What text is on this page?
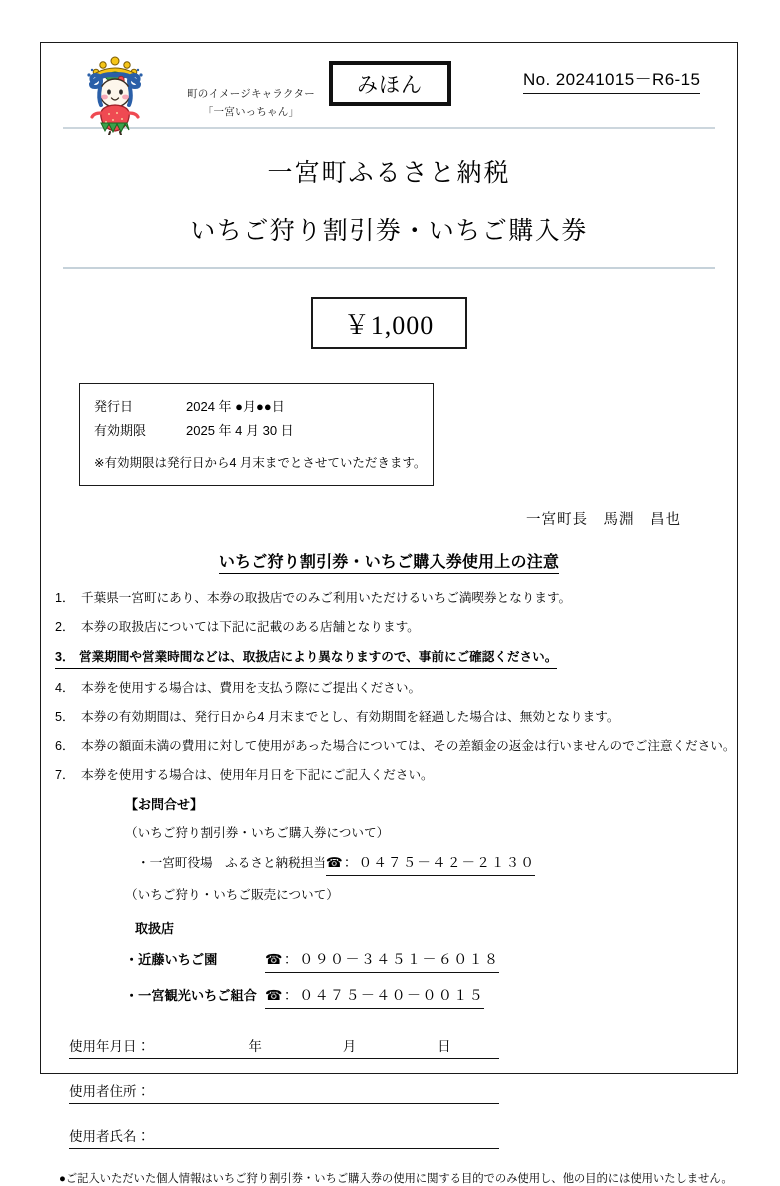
町のイメージキャラクター
「一宮いっちゃん」
みほん	No. 20241015－R6‐15
一宮町ふるさと納税
いちご狩り割引券・いちご購入券
￥1,000
発行日	2024 年 ●月●●日
有効期限	2025 年 4 月 30 日
※有効期限は発行日から4 月末までとさせていただきます。
一宮町長　馬淵　昌也
いちご狩り割引券・いちご購入券使用上の注意
1． 千葉県一宮町にあり、本券の取扱店でのみご利用いただけるいちご満喫券となります。
2． 本券の取扱店については下記に記載のある店舗となります。
3． 営業期間や営業時間などは、取扱店により異なりますので、事前にご確認ください。
4． 本券を使用する場合は、費用を支払う際にご提出ください。
5． 本券の有効期間は、発行日から4 月末までとし、有効期間を経過した場合は、無効となります。
6． 本券の額面未満の費用に対して使用があった場合については、その差額金の返金は行いませんのでご注意ください。
7． 本券を使用する場合は、使用年月日を下記にご記入ください。
【お問合せ】
（いちご狩り割引券・いちご購入券について）
・一宮町役場　ふるさと納税担当 ☎：０４７５－４２－２１３０
（いちご狩り・いちご販売について）
取扱店
・近藤いちご園	☎：０９０－３４５１－６０１８
・一宮観光いちご組合 ☎：０４７５－４０－００１５
使用年月日：	年	月	日
使用者住所：
使用者氏名：
●ご記入いただいた個人情報はいちご狩り割引券・いちご購入券の使用に関する目的でのみ使用し、他の目的には使用いたしません。
